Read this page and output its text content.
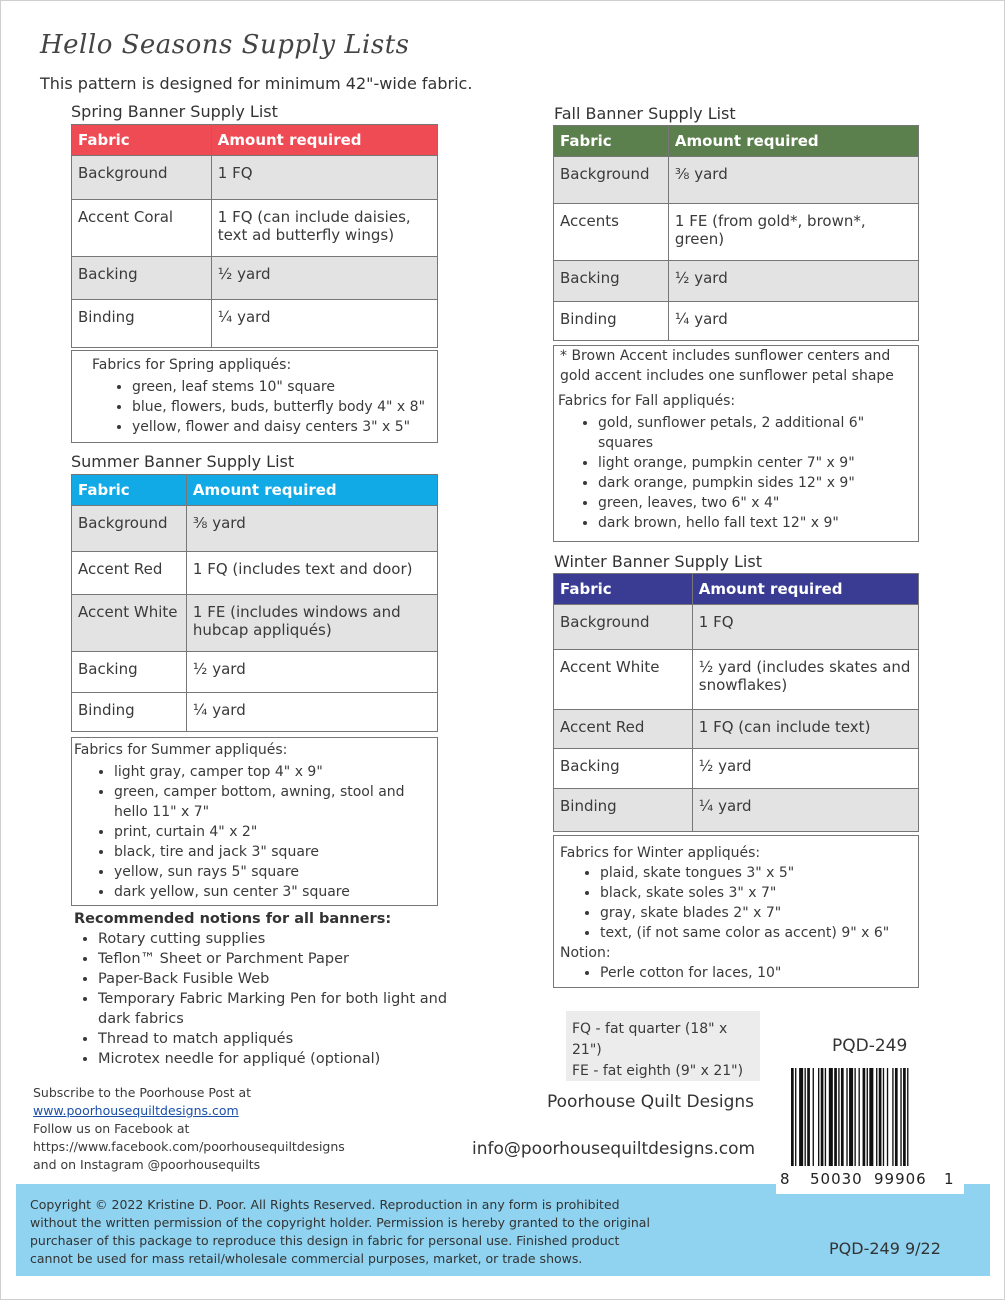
Hello Seasons Supply Lists
This pattern is designed for minimum 42"-wide fabric.
Spring Banner Supply List
Fabric	Amount required
Background	1 FQ
Accent Coral	1 FQ (can include daisies, text ad butterfly wings)
Backing	½ yard
Binding	¼ yard
Fabrics for Spring appliqués:
• green, leaf stems 10" square
• blue, flowers, buds, butterfly body 4" x 8"
• yellow, flower and daisy centers 3" x 5"
Summer Banner Supply List
Fabric	Amount required
Background	⅜ yard
Accent Red	1 FQ (includes text and door)
Accent White	1 FE (includes windows and hubcap appliqués)
Backing	½ yard
Binding	¼ yard
Fabrics for Summer appliqués:
• light gray, camper top 4" x 9"
• green, camper bottom, awning, stool and hello 11" x 7"
• print, curtain 4" x 2"
• black, tire and jack 3" square
• yellow, sun rays 5" square
• dark yellow, sun center 3" square
Fall Banner Supply List
Fabric	Amount required
Background	⅜ yard
Accents	1 FE (from gold*, brown*, green)
Backing	½ yard
Binding	¼ yard
* Brown Accent includes sunflower centers and gold accent includes one sunflower petal shape
Fabrics for Fall appliqués:
• gold, sunflower petals, 2 additional 6" squares
• light orange, pumpkin center 7" x 9"
• dark orange, pumpkin sides 12" x 9"
• green, leaves, two 6" x 4"
• dark brown, hello fall text 12" x 9"
Winter Banner Supply List
Fabric	Amount required
Background	1 FQ
Accent White	½ yard (includes skates and snowflakes)
Accent Red	1 FQ (can include text)
Backing	½ yard
Binding	¼ yard
Fabrics for Winter appliqués:
• plaid, skate tongues 3" x 5"
• black, skate soles 3" x 7"
• gray, skate blades 2" x 7"
• text, (if not same color as accent) 9" x 6"
Notion:
• Perle cotton for laces, 10"
Recommended notions for all banners:
• Rotary cutting supplies
• Teflon™ Sheet or Parchment Paper
• Paper-Back Fusible Web
• Temporary Fabric Marking Pen for both light and dark fabrics
• Thread to match appliqués
• Microtex needle for appliqué (optional)
Subscribe to the Poorhouse Post at
www.poorhousequiltdesigns.com
Follow us on Facebook at
https://www.facebook.com/poorhousequiltdesigns
and on Instagram @poorhousequilts
FQ - fat quarter (18" x 21")
FE - fat eighth (9" x 21")
PQD-249
Poorhouse Quilt Designs
info@poorhousequiltdesigns.com
Copyright © 2022 Kristine D. Poor. All Rights Reserved. Reproduction in any form is prohibited without the written permission of the copyright holder. Permission is hereby granted to the original purchaser of this package to reproduce this design in fabric for personal use. Finished product cannot be used for mass retail/wholesale commercial purposes, market, or trade shows.
PQD-249 9/22
8 50030 99906 1
